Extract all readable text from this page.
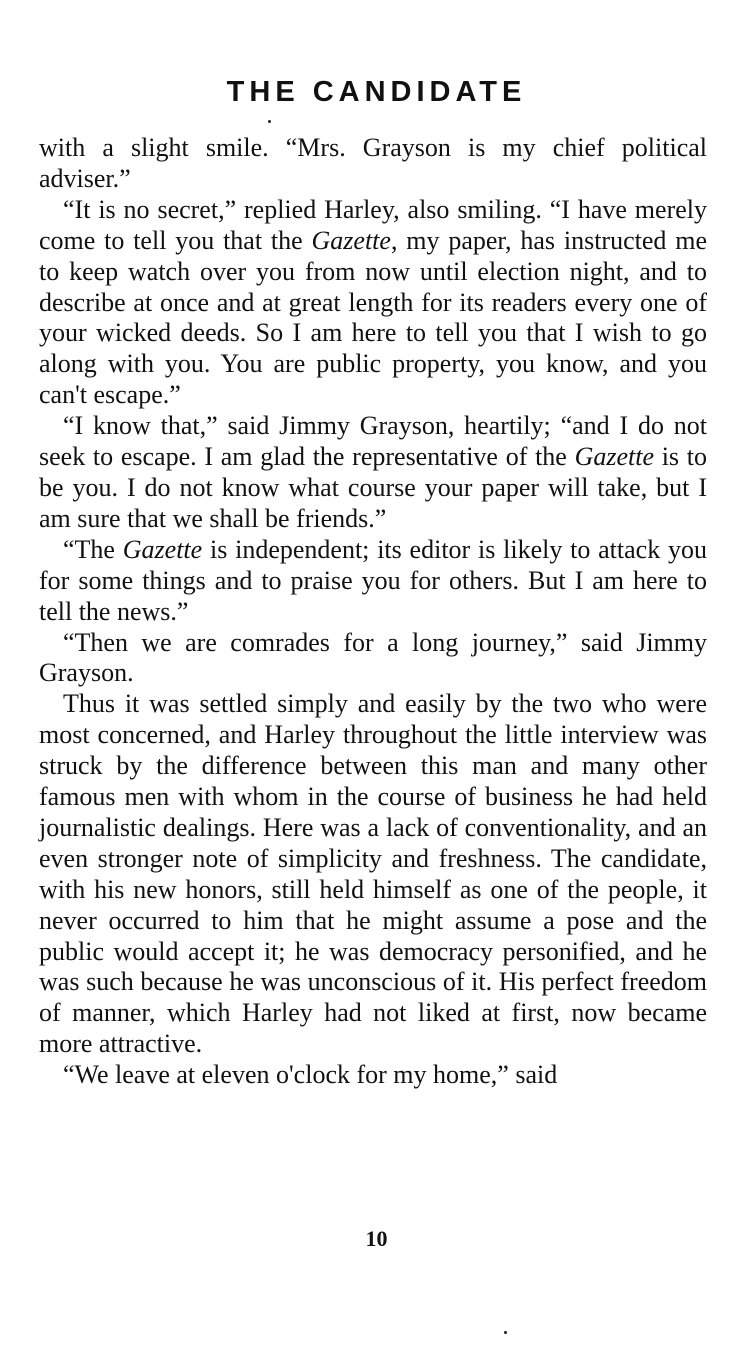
THE CANDIDATE

with a slight smile. “Mrs. Grayson is my chief political adviser.”

“It is no secret,” replied Harley, also smiling. “I have merely come to tell you that the Gazette, my paper, has instructed me to keep watch over you from now until election night, and to describe at once and at great length for its readers every one of your wicked deeds. So I am here to tell you that I wish to go along with you. You are public property, you know, and you can't escape.”

“I know that,” said Jimmy Grayson, heartily; “and I do not seek to escape. I am glad the representative of the Gazette is to be you. I do not know what course your paper will take, but I am sure that we shall be friends.”

“The Gazette is independent; its editor is likely to attack you for some things and to praise you for others. But I am here to tell the news.”

“Then we are comrades for a long journey,” said Jimmy Grayson.

Thus it was settled simply and easily by the two who were most concerned, and Harley throughout the little interview was struck by the difference between this man and many other famous men with whom in the course of business he had held journalistic dealings. Here was a lack of conventionality, and an even stronger note of simplicity and freshness. The candidate, with his new honors, still held himself as one of the people, it never occurred to him that he might assume a pose and the public would accept it; he was democracy personified, and he was such because he was unconscious of it. His perfect freedom of manner, which Harley had not liked at first, now became more attractive.

“We leave at eleven o'clock for my home,” said

10
